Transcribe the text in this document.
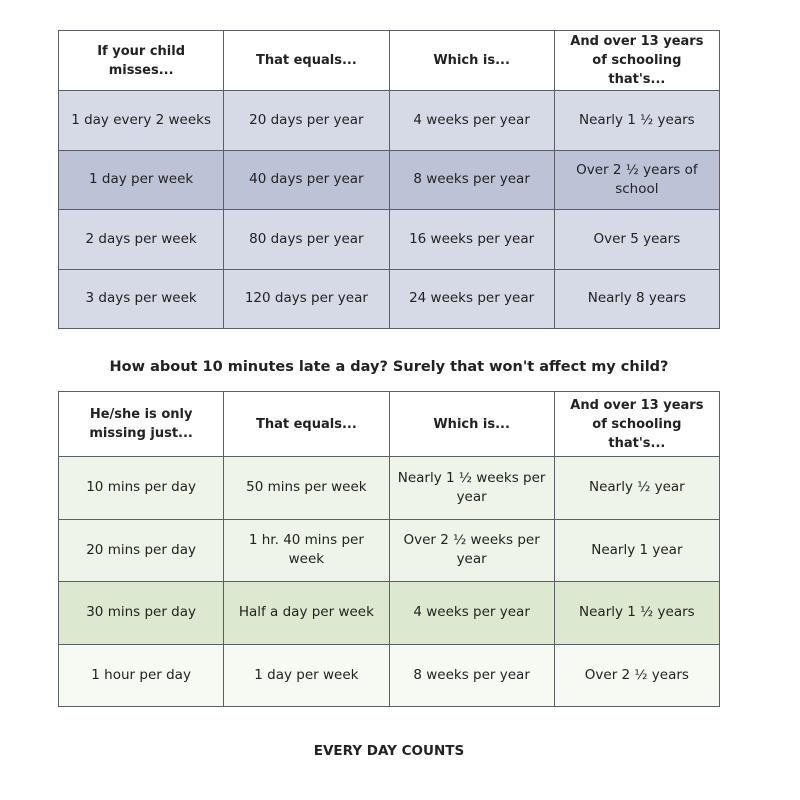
If your child misses...	That equals...	Which is...	And over 13 years of schooling that's...
1 day every 2 weeks	20 days per year	4 weeks per year	Nearly 1 ½ years
1 day per week	40 days per year	8 weeks per year	Over 2 ½ years of school
2 days per week	80 days per year	16 weeks per year	Over 5 years
3 days per week	120 days per year	24 weeks per year	Nearly 8 years
How about 10 minutes late a day? Surely that won't affect my child?
He/she is only missing just...	That equals...	Which is...	And over 13 years of schooling that's...
10 mins per day	50 mins per week	Nearly 1 ½ weeks per year	Nearly ½ year
20 mins per day	1 hr. 40 mins per week	Over 2 ½ weeks per year	Nearly 1 year
30 mins per day	Half a day per week	4 weeks per year	Nearly 1 ½ years
1 hour per day	1 day per week	8 weeks per year	Over 2 ½ years
EVERY DAY COUNTS
